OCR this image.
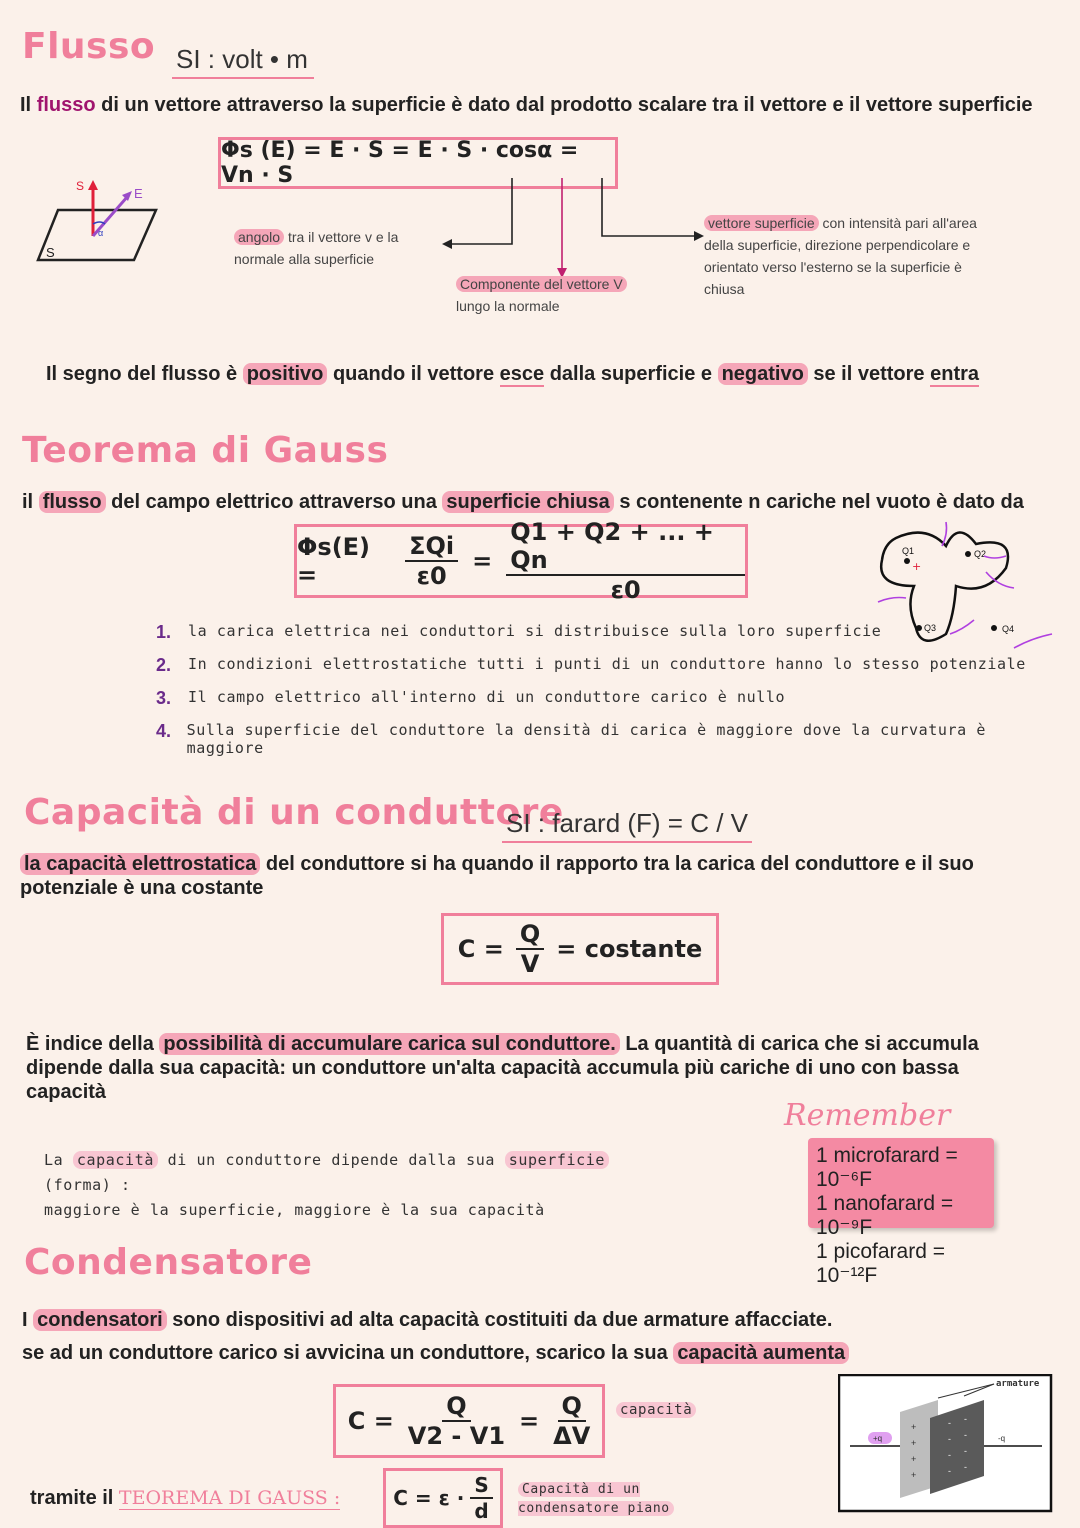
Flusso SI : volt • m
Il flusso di un vettore attraverso la superficie è dato dal prodotto scalare tra il vettore e il vettore superficie
Φs (E) = E · S = E · S · cosα = Vn · S
S	E
α
S
angolo tra il vettore v e la normale alla superficie
Componente del vettore V
lungo la normale
vettore superficie con intensità pari all'area della superficie, direzione perpendicolare e orientato verso l'esterno se la superficie è chiusa
Il segno del flusso è positivo quando il vettore esce dalla superficie e negativo se il vettore entra
Teorema di Gauss
il flusso del campo elettrico attraverso una superficie chiusa s contenente n cariche nel vuoto è dato da
Φs(E) =	$\frac{\text{ΣQi}}{\varepsilon 0} = \frac{Q1 + Q2 + ... + Qn}{\varepsilon 0}$	Q1
+
Q2
Q3	Q4
1.	la carica elettrica nei conduttori si distribuisce sulla loro superficie
2.	In condizioni elettrostatiche tutti i punti di un conduttore hanno lo stesso potenziale
3.	Il campo elettrico all'interno di un conduttore carico è nullo
4.	Sulla superficie del conduttore la densità di carica è maggiore dove la curvatura è maggiore
Capacità di un conduttore
SI : farard (F) = C / V
la capacità elettrostatica del conduttore si ha quando il rapporto tra la carica del conduttore e il suo potenziale è una costante
$C = \frac{Q}{V}$ = costante
È indice della possibilità di accumulare carica sul conduttore. La quantità di carica che si accumula dipende dalla sua capacità: un conduttore un'alta capacità accumula più cariche di uno con bassa capacità
Remember
1 microfarard = 10⁻⁶F
1 nanofarard = 10⁻⁹F
1 picofarard = 10⁻¹²F
La capacità di un conduttore dipende dalla sua superficie (forma) :
maggiore è la superficie, maggiore è la sua capacità
Condensatore
I condensatori sono dispositivi ad alta capacità costituiti da due armature affacciate.
se ad un conduttore carico si avvicina un conduttore, scarico la sua capacità aumenta
$C = \frac{Q}{V2 - V1} = \frac{Q}{\Delta V}$ capacità
tramite il TEOREMA DI GAUSS :	$C = \varepsilon \cdot \frac{S}{d}$	Capacità di un condensatore piano
+
+
+
+
-
-
-
-
-
-
-
-
+q	-q
armature
